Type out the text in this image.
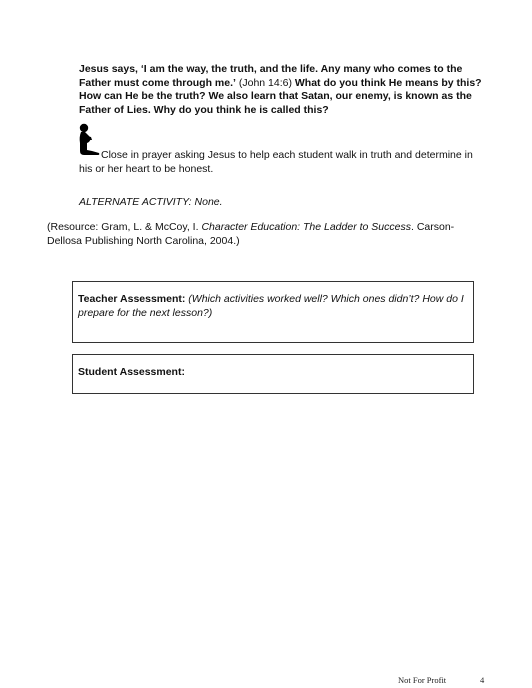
Jesus says, ‘I am the way, the truth, and the life. Any many who comes to the Father must come through me.’ (John 14:6) What do you think He means by this? How can He be the truth? We also learn that Satan, our enemy, is known as the Father of Lies. Why do you think he is called this?
Close in prayer asking Jesus to help each student walk in truth and determine in his or her heart to be honest.
ALTERNATE ACTIVITY: None.
(Resource: Gram, L. & McCoy, I. Character Education: The Ladder to Success. Carson-Dellosa Publishing North Carolina, 2004.)
Teacher Assessment: (Which activities worked well? Which ones didn’t? How do I prepare for the next lesson?)
Student Assessment:
Not For Profit	4
